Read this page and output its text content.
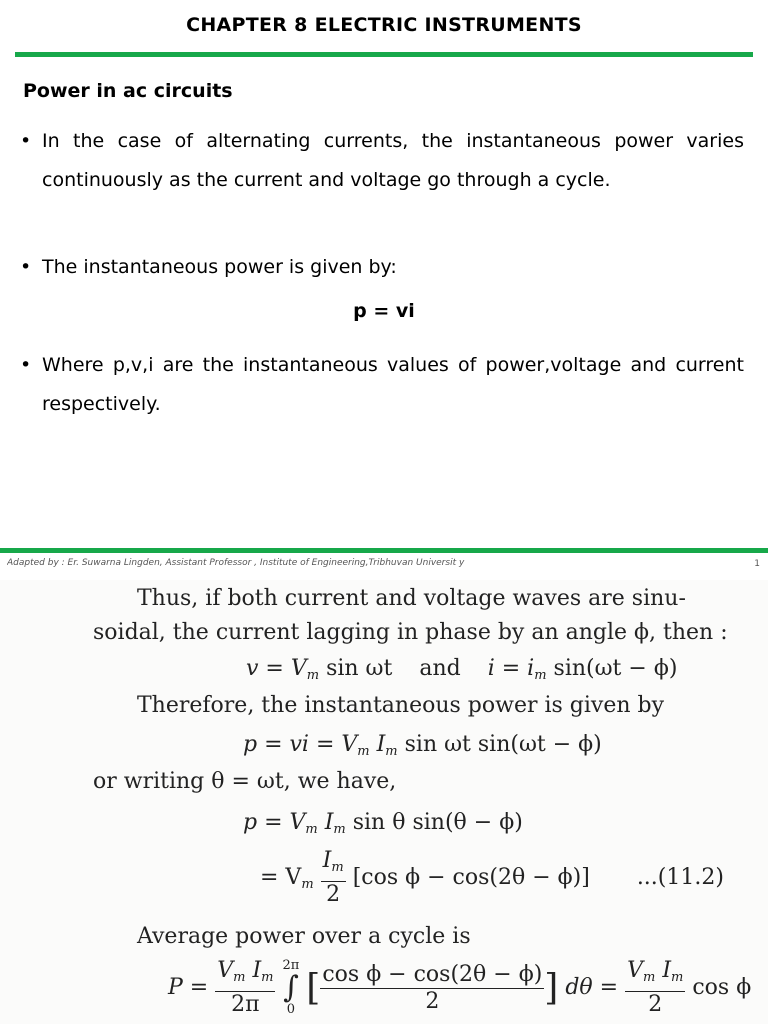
CHAPTER 8 ELECTRIC INSTRUMENTS
Power in ac circuits
• In the case of alternating currents, the instantaneous power varies continuously as the current and voltage go through a cycle.
• The instantaneous power is given by:
p = vi
• Where p,v,i are the instantaneous values of power,voltage and current respectively.
Adapted by : Er. Suwarna Lingden, Assistant Professor , Institute of Engineering,Tribhuvan Universit y	1
Thus, if both current and voltage waves are sinu-
soidal, the current lagging in phase by an angle ϕ, then :
$v = V_m$ sin ωt and $i = i_m$ sin(ωt − ϕ)
Therefore, the instantaneous power is given by
p = vi = $V_m$ $I_m$ sin ωt sin(ωt − ϕ)
or writing θ = ωt, we have,
$p = V_m$ $I_m$ sin θ sin(θ − ϕ)
= $V_m \frac{I_m}{2} [\cos$ ϕ − cos(2θ − ϕ)] ...(11.2)
Average power over a cycle is
$P = \frac{V_m I_m}{2\pi}$
2π
∫
0
[ $\frac{\text{cos ϕ − cos(2θ − ϕ)}}{2}$ ] $d\theta = \frac{V_m I_m}{2}$ cos ϕ
